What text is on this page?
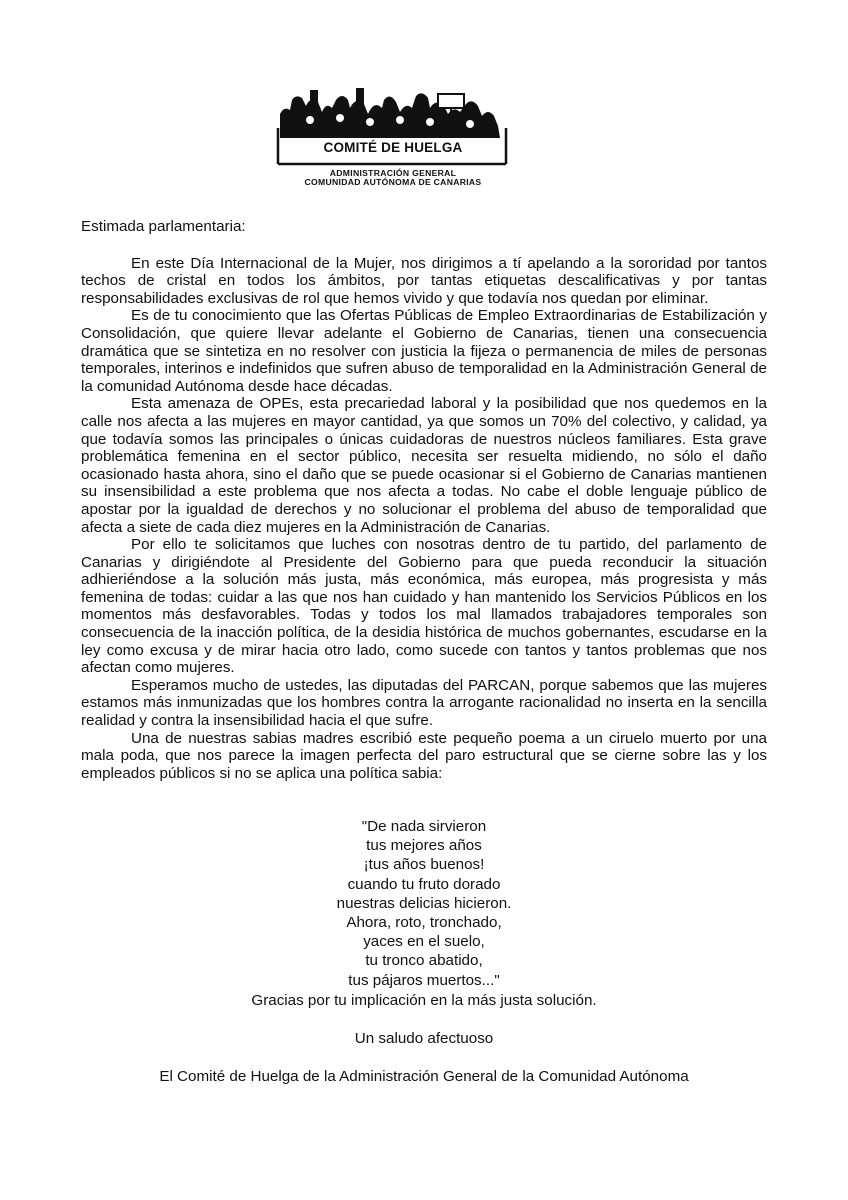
COMITÉ DE HUELGA
ADMINISTRACIÓN GENERAL
COMUNIDAD AUTÓNOMA DE CANARIAS

Estimada parlamentaria:

En este Día Internacional de la Mujer, nos dirigimos a tí apelando a la sororidad por tantos techos de cristal en todos los ámbitos, por tantas etiquetas descalificativas y por tantas responsabilidades exclusivas de rol que hemos vivido y que todavía nos quedan por eliminar.

Es de tu conocimiento que las Ofertas Públicas de Empleo Extraordinarias de Estabilización y Consolidación, que quiere llevar adelante el Gobierno de Canarias, tienen una consecuencia dramática que se sintetiza en no resolver con justicia la fijeza o permanencia de miles de personas temporales, interinos e indefinidos que sufren abuso de temporalidad en la Administración General de la comunidad Autónoma desde hace décadas.

Esta amenaza de OPEs, esta precariedad laboral y la posibilidad que nos quedemos en la calle nos afecta a las mujeres en mayor cantidad, ya que somos un 70% del colectivo, y calidad, ya que todavía somos las principales o únicas cuidadoras de nuestros núcleos familiares. Esta grave problemática femenina en el sector público, necesita ser resuelta midiendo, no sólo el daño ocasionado hasta ahora, sino el daño que se puede ocasionar si el Gobierno de Canarias mantienen su insensibilidad a este problema que nos afecta a todas. No cabe el doble lenguaje público de apostar por la igualdad de derechos y no solucionar el problema del abuso de temporalidad que afecta a siete de cada diez mujeres en la Administración de Canarias.

Por ello te solicitamos que luches con nosotras dentro de tu partido, del parlamento de Canarias y dirigiéndote al Presidente del Gobierno para que pueda reconducir la situación adhieriéndose a la solución más justa, más económica, más europea, más progresista y más femenina de todas: cuidar a las que nos han cuidado y han mantenido los Servicios Públicos en los momentos más desfavorables. Todas y todos los mal llamados trabajadores temporales son consecuencia de la inacción política, de la desidia histórica de muchos gobernantes, escudarse en la ley como excusa y de mirar hacia otro lado, como sucede con tantos y tantos problemas que nos afectan como mujeres.

Esperamos mucho de ustedes, las diputadas del PARCAN, porque sabemos que las mujeres estamos más inmunizadas que los hombres contra la arrogante racionalidad no inserta en la sencilla realidad y contra la insensibilidad hacia el que sufre.

Una de nuestras sabias madres escribió este pequeño poema a un ciruelo muerto por una mala poda, que nos parece la imagen perfecta del paro estructural que se cierne sobre las y los empleados públicos si no se aplica una política sabia:

"De nada sirvieron
tus mejores años
¡tus años buenos!
cuando tu fruto dorado
nuestras delicias hicieron.
Ahora, roto, tronchado,
yaces en el suelo,
tu tronco abatido,
tus pájaros muertos..."
Gracias por tu implicación en la más justa solución.
Un saludo afectuoso
El Comité de Huelga de la Administración General de la Comunidad Autónoma
